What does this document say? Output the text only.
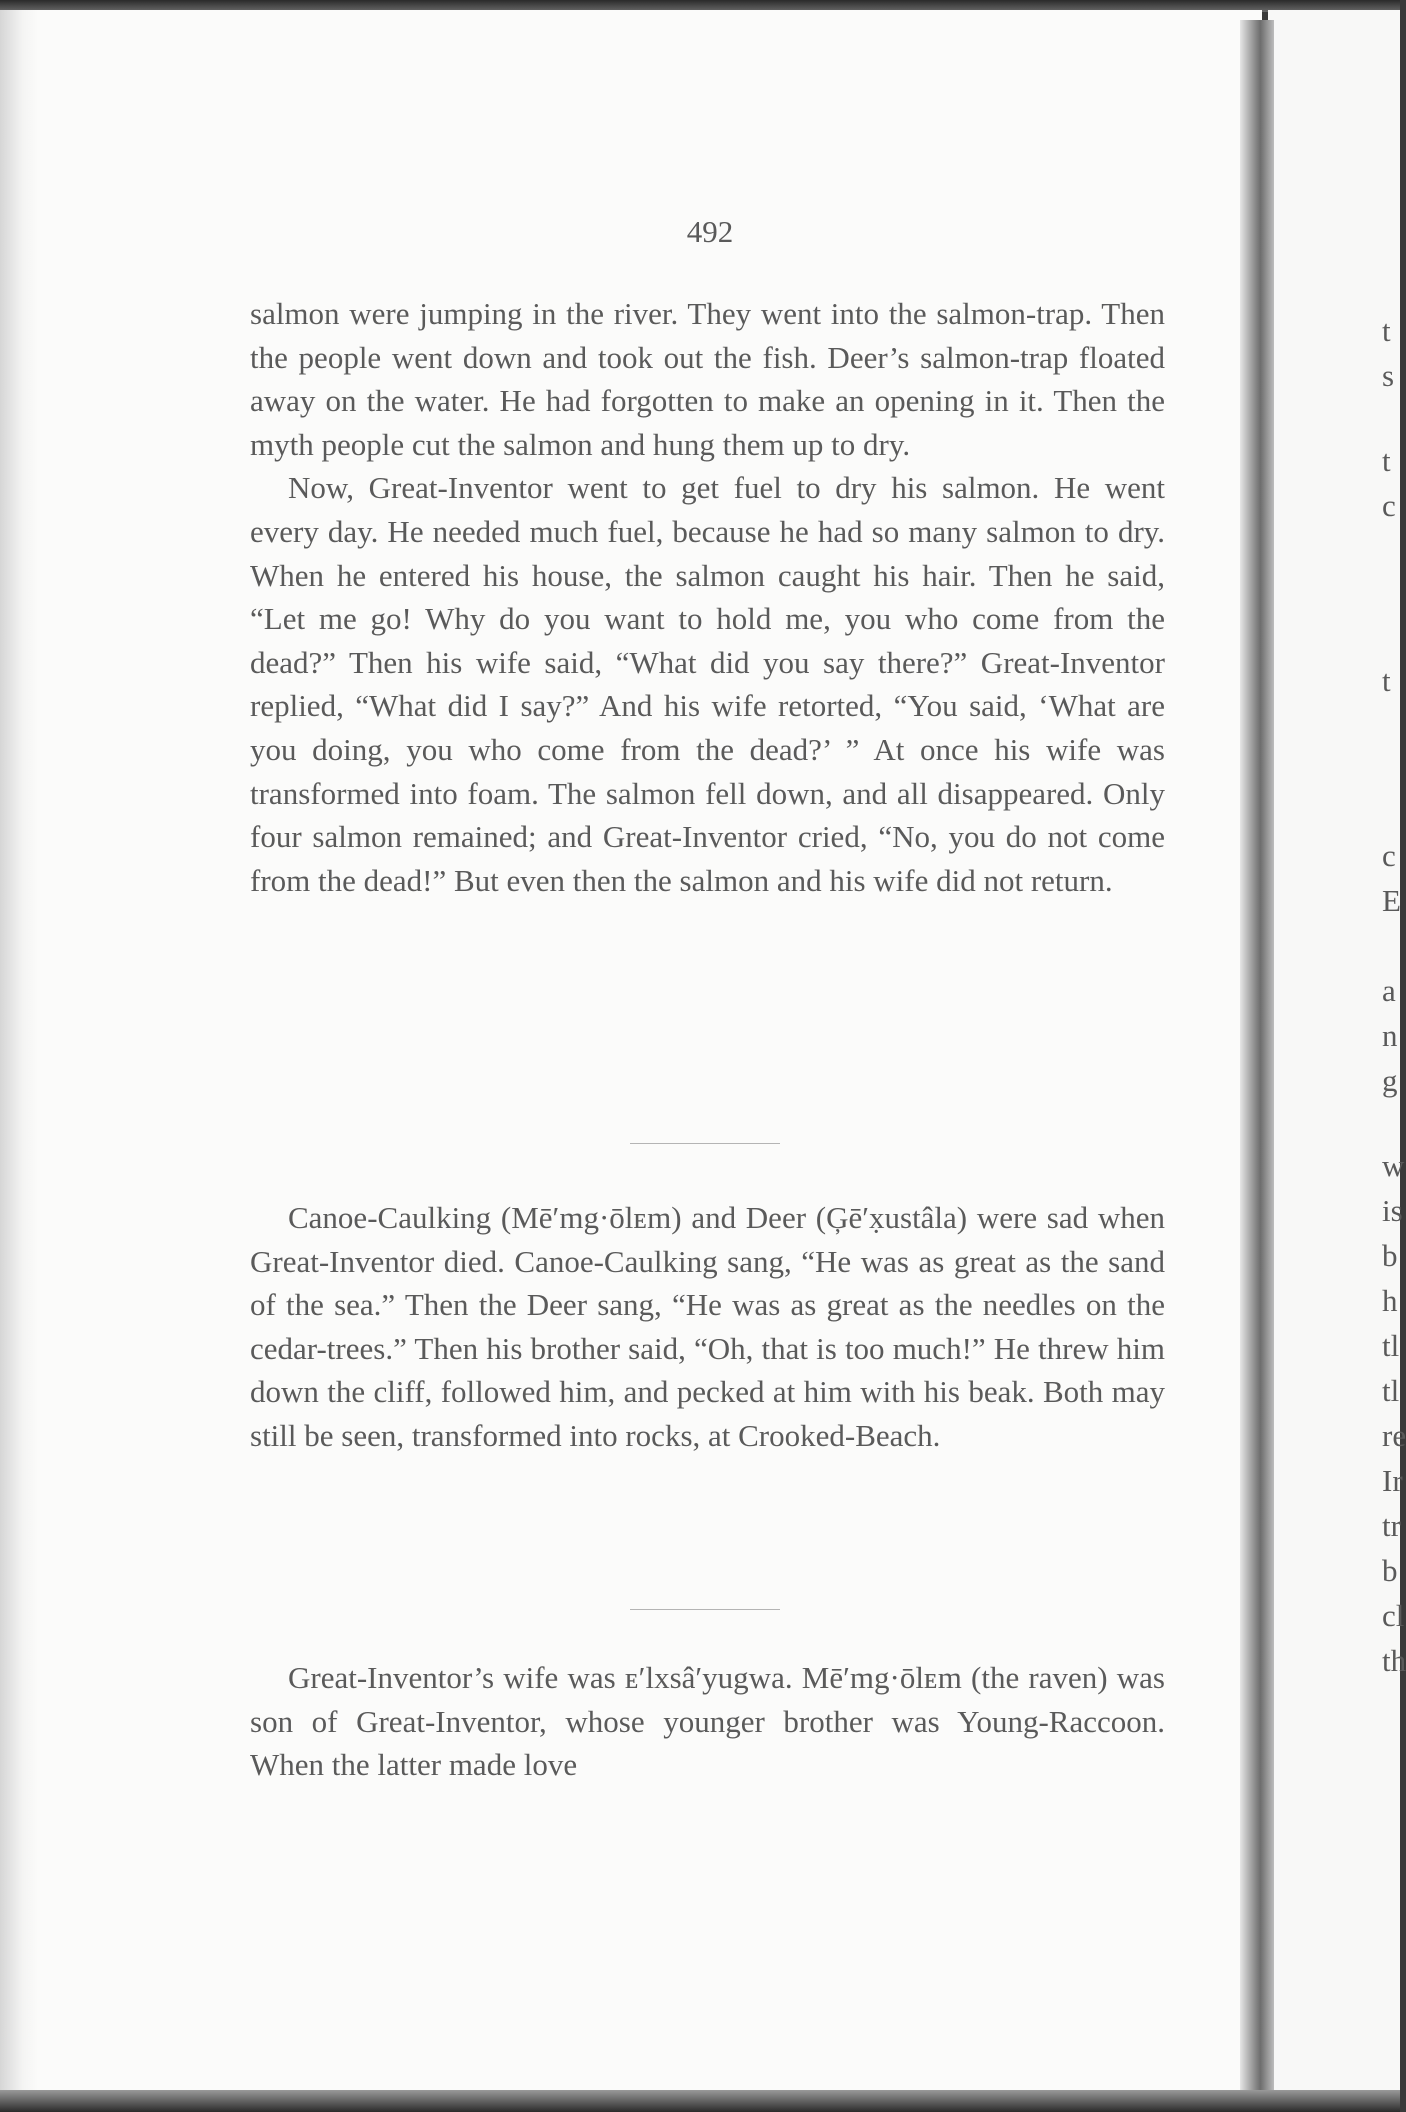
492

salmon were jumping in the river. They went into the salmon-trap. Then the people went down and took out the fish. Deer’s salmon-trap floated away on the water. He had forgotten to make an opening in it. Then the myth people cut the salmon and hung them up to dry.

Now, Great-Inventor went to get fuel to dry his salmon. He went every day. He needed much fuel, because he had so many salmon to dry. When he entered his house, the salmon caught his hair. Then he said, “Let me go! Why do you want to hold me, you who come from the dead?” Then his wife said, “What did you say there?” Great-Inventor replied, “What did I say?” And his wife retorted, “You said, ‘What are you doing, you who come from the dead?’ ” At once his wife was transformed into foam. The salmon fell down, and all disappeared. Only four salmon remained; and Great-Inventor cried, “No, you do not come from the dead!” But even then the salmon and his wife did not return.

Canoe-Caulking (Mē′mg·ōlᴇm) and Deer (Ģē′x̣ustâla) were sad when Great-Inventor died. Canoe-Caulking sang, “He was as great as the sand of the sea.” Then the Deer sang, “He was as great as the needles on the cedar-trees.” Then his brother said, “Oh, that is too much!” He threw him down the cliff, followed him, and pecked at him with his beak. Both may still be seen, transformed into rocks, at Crooked-Beach.

Great-Inventor’s wife was ᴇ′lxsâ′yugwa. Mē′mg·ōlᴇm (the raven) was son of Great-Inventor, whose younger brother was Young-Raccoon. When the latter made love

t
s
t
c
t
c
E
a
n
g
w
is
b
h
tl
tl
re
Ir
tr
b
cl
th
